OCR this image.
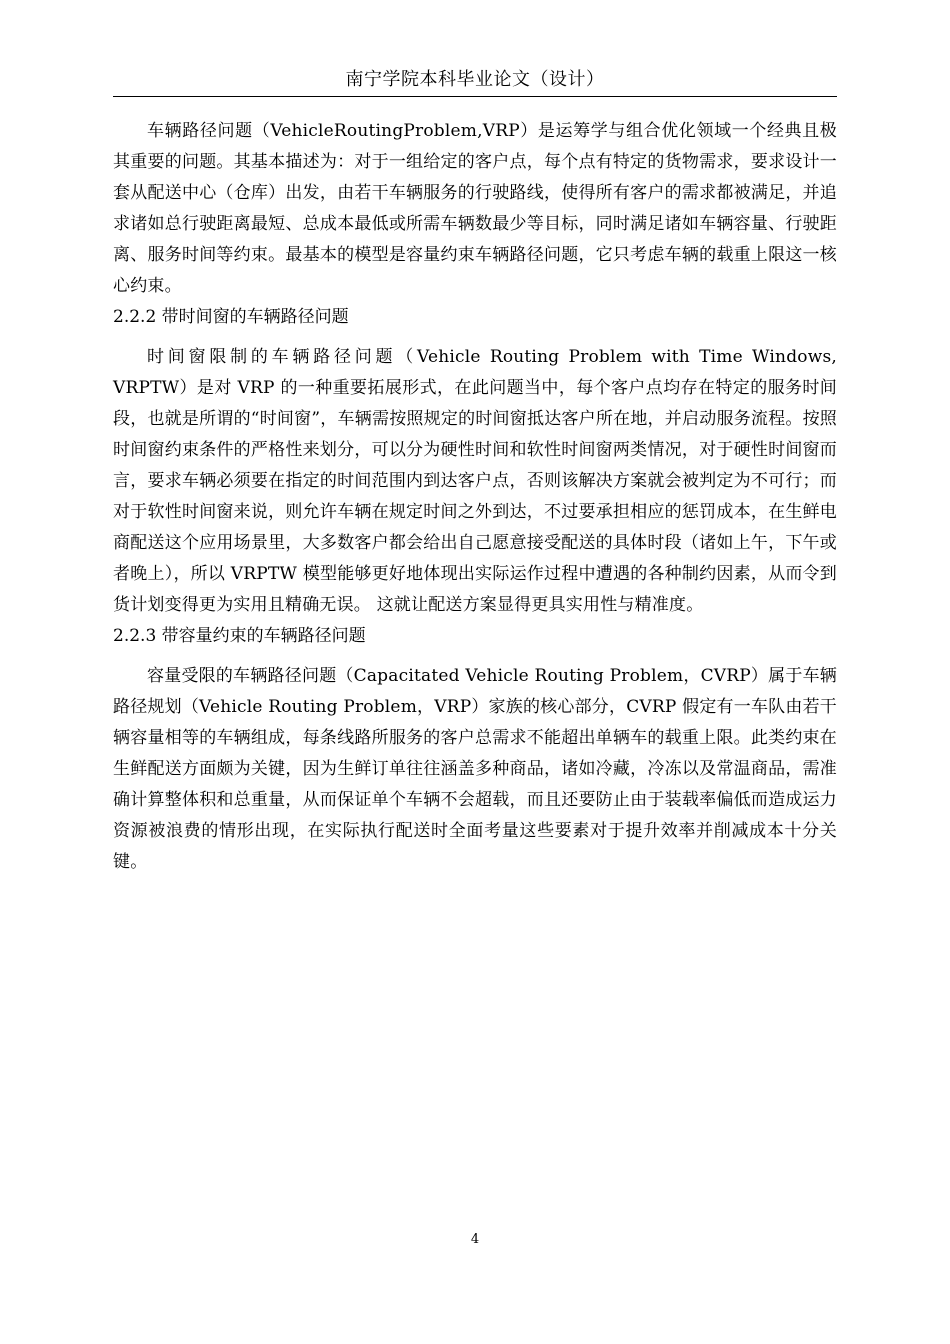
南宁学院本科毕业论文（设计）

车辆路径问题（VehicleRoutingProblem,VRP）是运筹学与组合优化领域一个经典且极其重要的问题。其基本描述为：对于一组给定的客户点，每个点有特定的货物需求，要求设计一套从配送中心（仓库）出发，由若干车辆服务的行驶路线，使得所有客户的需求都被满足，并追求诸如总行驶距离最短、总成本最低或所需车辆数最少等目标，同时满足诸如车辆容量、行驶距离、服务时间等约束。最基本的模型是容量约束车辆路径问题，它只考虑车辆的载重上限这一核心约束。

2.2.2 带时间窗的车辆路径问题

时间窗限制的车辆路径问题（Vehicle Routing Problem with Time Windows, VRPTW）是对 VRP 的一种重要拓展形式，在此问题当中，每个客户点均存在特定的服务时间段，也就是所谓的“时间窗”，车辆需按照规定的时间窗抵达客户所在地，并启动服务流程。按照时间窗约束条件的严格性来划分，可以分为硬性时间和软性时间窗两类情况，对于硬性时间窗而言，要求车辆必须要在指定的时间范围内到达客户点，否则该解决方案就会被判定为不可行；而对于软性时间窗来说，则允许车辆在规定时间之外到达，不过要承担相应的惩罚成本，在生鲜电商配送这个应用场景里，大多数客户都会给出自己愿意接受配送的具体时段（诸如上午，下午或者晚上），所以 VRPTW 模型能够更好地体现出实际运作过程中遭遇的各种制约因素，从而令到货计划变得更为实用且精确无误。 这就让配送方案显得更具实用性与精准度。

2.2.3 带容量约束的车辆路径问题

容量受限的车辆路径问题（Capacitated Vehicle Routing Problem，CVRP）属于车辆路径规划（Vehicle Routing Problem，VRP）家族的核心部分，CVRP 假定有一车队由若干辆容量相等的车辆组成，每条线路所服务的客户总需求不能超出单辆车的载重上限。此类约束在生鲜配送方面颇为关键，因为生鲜订单往往涵盖多种商品，诸如冷藏，冷冻以及常温商品，需准确计算整体积和总重量，从而保证单个车辆不会超载，而且还要防止由于装载率偏低而造成运力资源被浪费的情形出现，在实际执行配送时全面考量这些要素对于提升效率并削减成本十分关键。

4
